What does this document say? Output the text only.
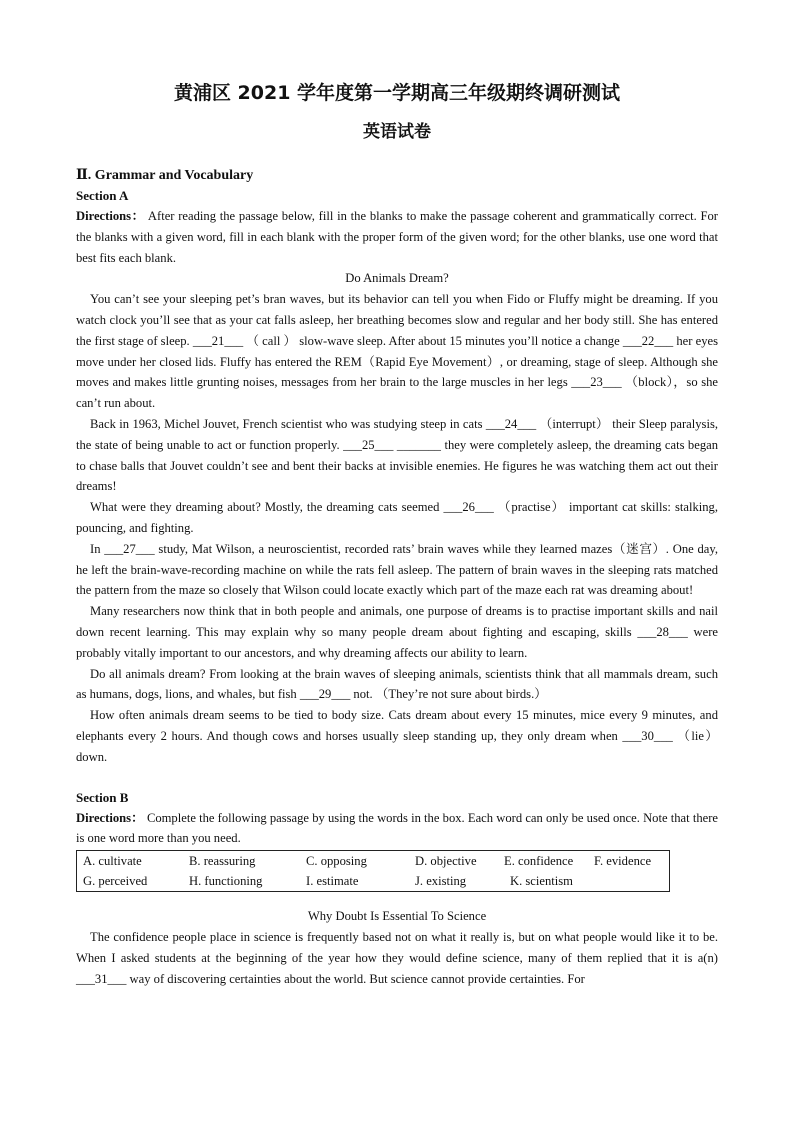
黄浦区 2021 学年度第一学期高三年级期终调研测试
英语试卷
Ⅱ. Grammar and Vocabulary
Section A

Directions： After reading the passage below, fill in the blanks to make the passage coherent and grammatically correct. For the blanks with a given word, fill in each blank with the proper form of the given word; for the other blanks, use one word that best fits each blank.

Do Animals Dream?

You can’t see your sleeping pet’s bran waves, but its behavior can tell you when Fido or Fluffy might be dreaming. If you watch clock you’ll see that as your cat falls asleep, her breathing becomes slow and regular and her body still. She has entered the first stage of sleep. ___21___ （ call ） slow-wave sleep. After about 15 minutes you’ll notice a change ___22___ her eyes move under her closed lids. Fluffy has entered the REM（Rapid Eye Movement）, or dreaming, stage of sleep. Although she moves and makes little grunting noises, messages from her brain to the large muscles in her legs ___23___ （block），so she can’t run about.

Back in 1963, Michel Jouvet, French scientist who was studying steep in cats ___24___ （interrupt） their Sleep paralysis, the state of being unable to act or function properly. ___25___ _______ they were completely asleep, the dreaming cats began to chase balls that Jouvet couldn’t see and bent their backs at invisible enemies. He figures he was watching them act out their dreams!

What were they dreaming about? Mostly, the dreaming cats seemed ___26___ （practise） important cat skills: stalking, pouncing, and fighting.

In ___27___ study, Mat Wilson, a neuroscientist, recorded rats’ brain waves while they learned mazes（迷宫）. One day, he left the brain-wave-recording machine on while the rats fell asleep. The pattern of brain waves in the sleeping rats matched the pattern from the maze so closely that Wilson could locate exactly which part of the maze each rat was dreaming about!

Many researchers now think that in both people and animals, one purpose of dreams is to practise important skills and nail down recent learning. This may explain why so many people dream about fighting and escaping, skills ___28___ were probably vitally important to our ancestors, and why dreaming affects our ability to learn.

Do all animals dream? From looking at the brain waves of sleeping animals, scientists think that all mammals dream, such as humans, dogs, lions, and whales, but fish ___29___ not. （They’re not sure about birds.）

How often animals dream seems to be tied to body size. Cats dream about every 15 minutes, mice every 9 minutes, and elephants every 2 hours. And though cows and horses usually sleep standing up, they only dream when ___30___ （lie）down.

Section B

Directions： Complete the following passage by using the words in the box. Each word can only be used once. Note that there is one word more than you need.

A. cultivate	B. reassuring	C. opposing	D. objective	E. confidence	F. evidence
G. perceived	H. functioning	I. estimate	J. existing	K. scientism
Why Doubt Is Essential To Science

The confidence people place in science is frequently based not on what it really is, but on what people would like it to be. When I asked students at the beginning of the year how they would define science, many of them replied that it is a(n) ___31___ way of discovering certainties about the world. But science cannot provide certainties. For
